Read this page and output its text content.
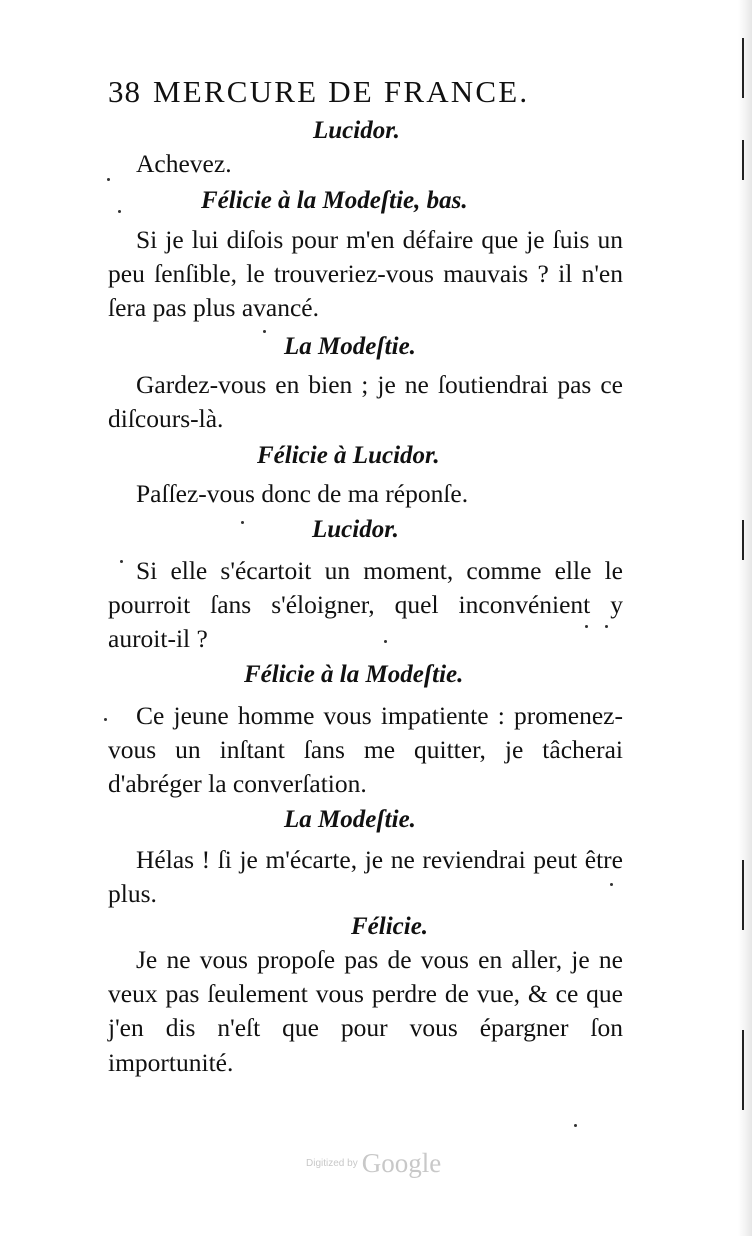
38 MERCURE DE FRANCE.
Lucidor.
Achevez.
Félicie à la Modeſtie, bas.
Si je lui diſois pour m'en défaire que je ſuis un peu ſenſible, le trouveriez-vous mauvais ? il n'en ſera pas plus avancé.
La Modeſtie.
Gardez-vous en bien ; je ne ſoutiendrai pas ce diſcours-là.
Félicie à Lucidor.
Paſſez-vous donc de ma réponſe.
Lucidor.
Si elle s'écartoit un moment, comme elle le pourroit ſans s'éloigner, quel inconvénient y auroit-il ?
Félicie à la Modeſtie.
Ce jeune homme vous impatiente : promenez-vous un inſtant ſans me quitter, je tâcherai d'abréger la converſation.
La Modeſtie.
Hélas ! ſi je m'écarte, je ne reviendrai peut être plus.
Félicie.
Je ne vous propoſe pas de vous en aller, je ne veux pas ſeulement vous perdre de vue, & ce que j'en dis n'eſt que pour vous épargner ſon importunité.
Digitized by Google
